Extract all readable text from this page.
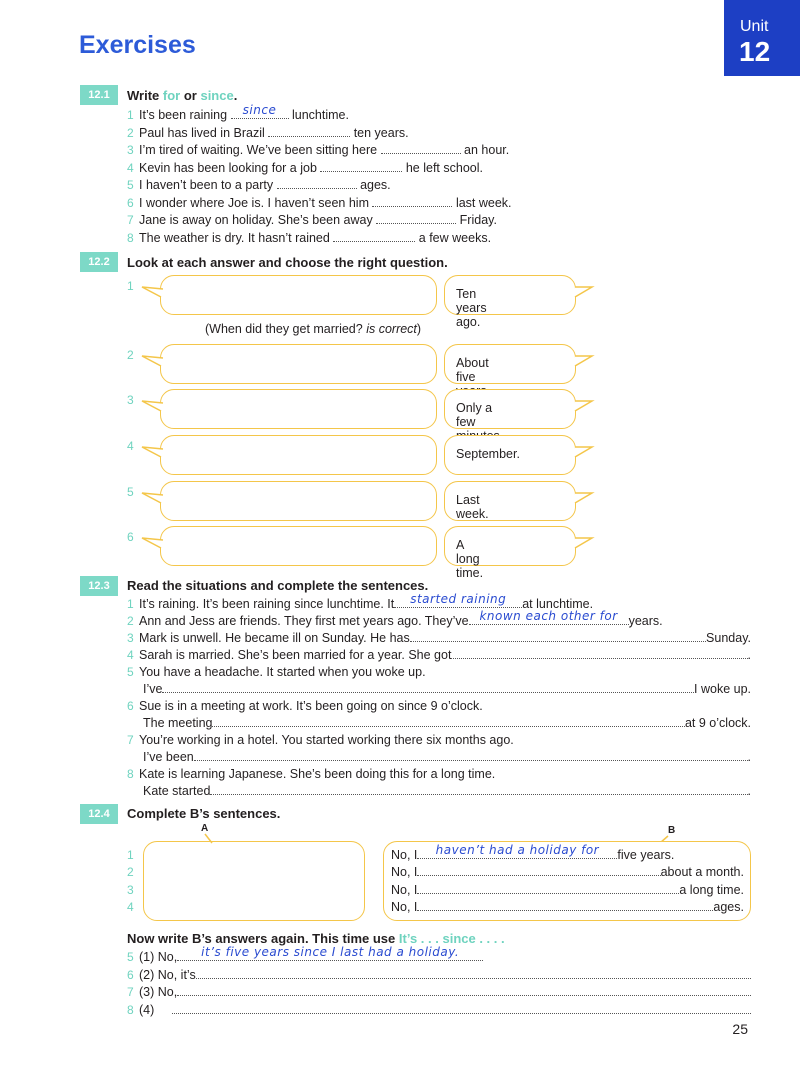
Exercises
Unit
12
12.1	Write for or since.
1 It’s been raining	since lunchtime.
2 Paul has lived in Brazil	ten years.
3 I’m tired of waiting. We’ve been sitting here	an hour.
4 Kevin has been looking for a job	he left school.
5 I haven’t been to a party	ages.
6 I wonder where Joe is. I haven’t seen him	last week.
7 Jane is away on holiday. She’s been away	Friday.
8 The weather is dry. It hasn’t rained	a few weeks.
12.2	Look at each answer and choose the right question.
1
Ten years ago.
2
About five
3
Only a few
4
September.
5
Last week.
6
A long time.
(When did they get married? is correct)
12.3	Read the situations and complete the sentences.
1 It’s raining. It’s been raining since lunchtime. It	started raining	at lunchtime.
2 Ann and Jess are friends. They first met years ago. They’ve known each other for years.
3 Mark is unwell. He became ill on Sunday. He has	Sunday.
4 Sarah is married. She’s been married for a year. She got	.
5 You have a headache. It started when you woke up.
I’ve	I woke up.
6 Sue is in a meeting at work. It’s been going on since 9 o’clock.
The meeting	at 9 o’clock.
7 You’re working in a hotel. You started working there six months ago.
I’ve been	.
8 Kate is learning Japanese. She’s been doing this for a long time.
Kate started	.
12.4	Complete B’s sentences.
A	B
1	No, I	haven’t had a holiday for	five years.
2	No, I	about a month.
3	No, I	a long time.
4	No, I	ages.
Now write B’s answers again. This time use It’s . . . since . . . .
5 (1) No,	it’s five years since I last had a holiday.
6 (2) No, it’s
7 (3) No,
8 (4)
25
